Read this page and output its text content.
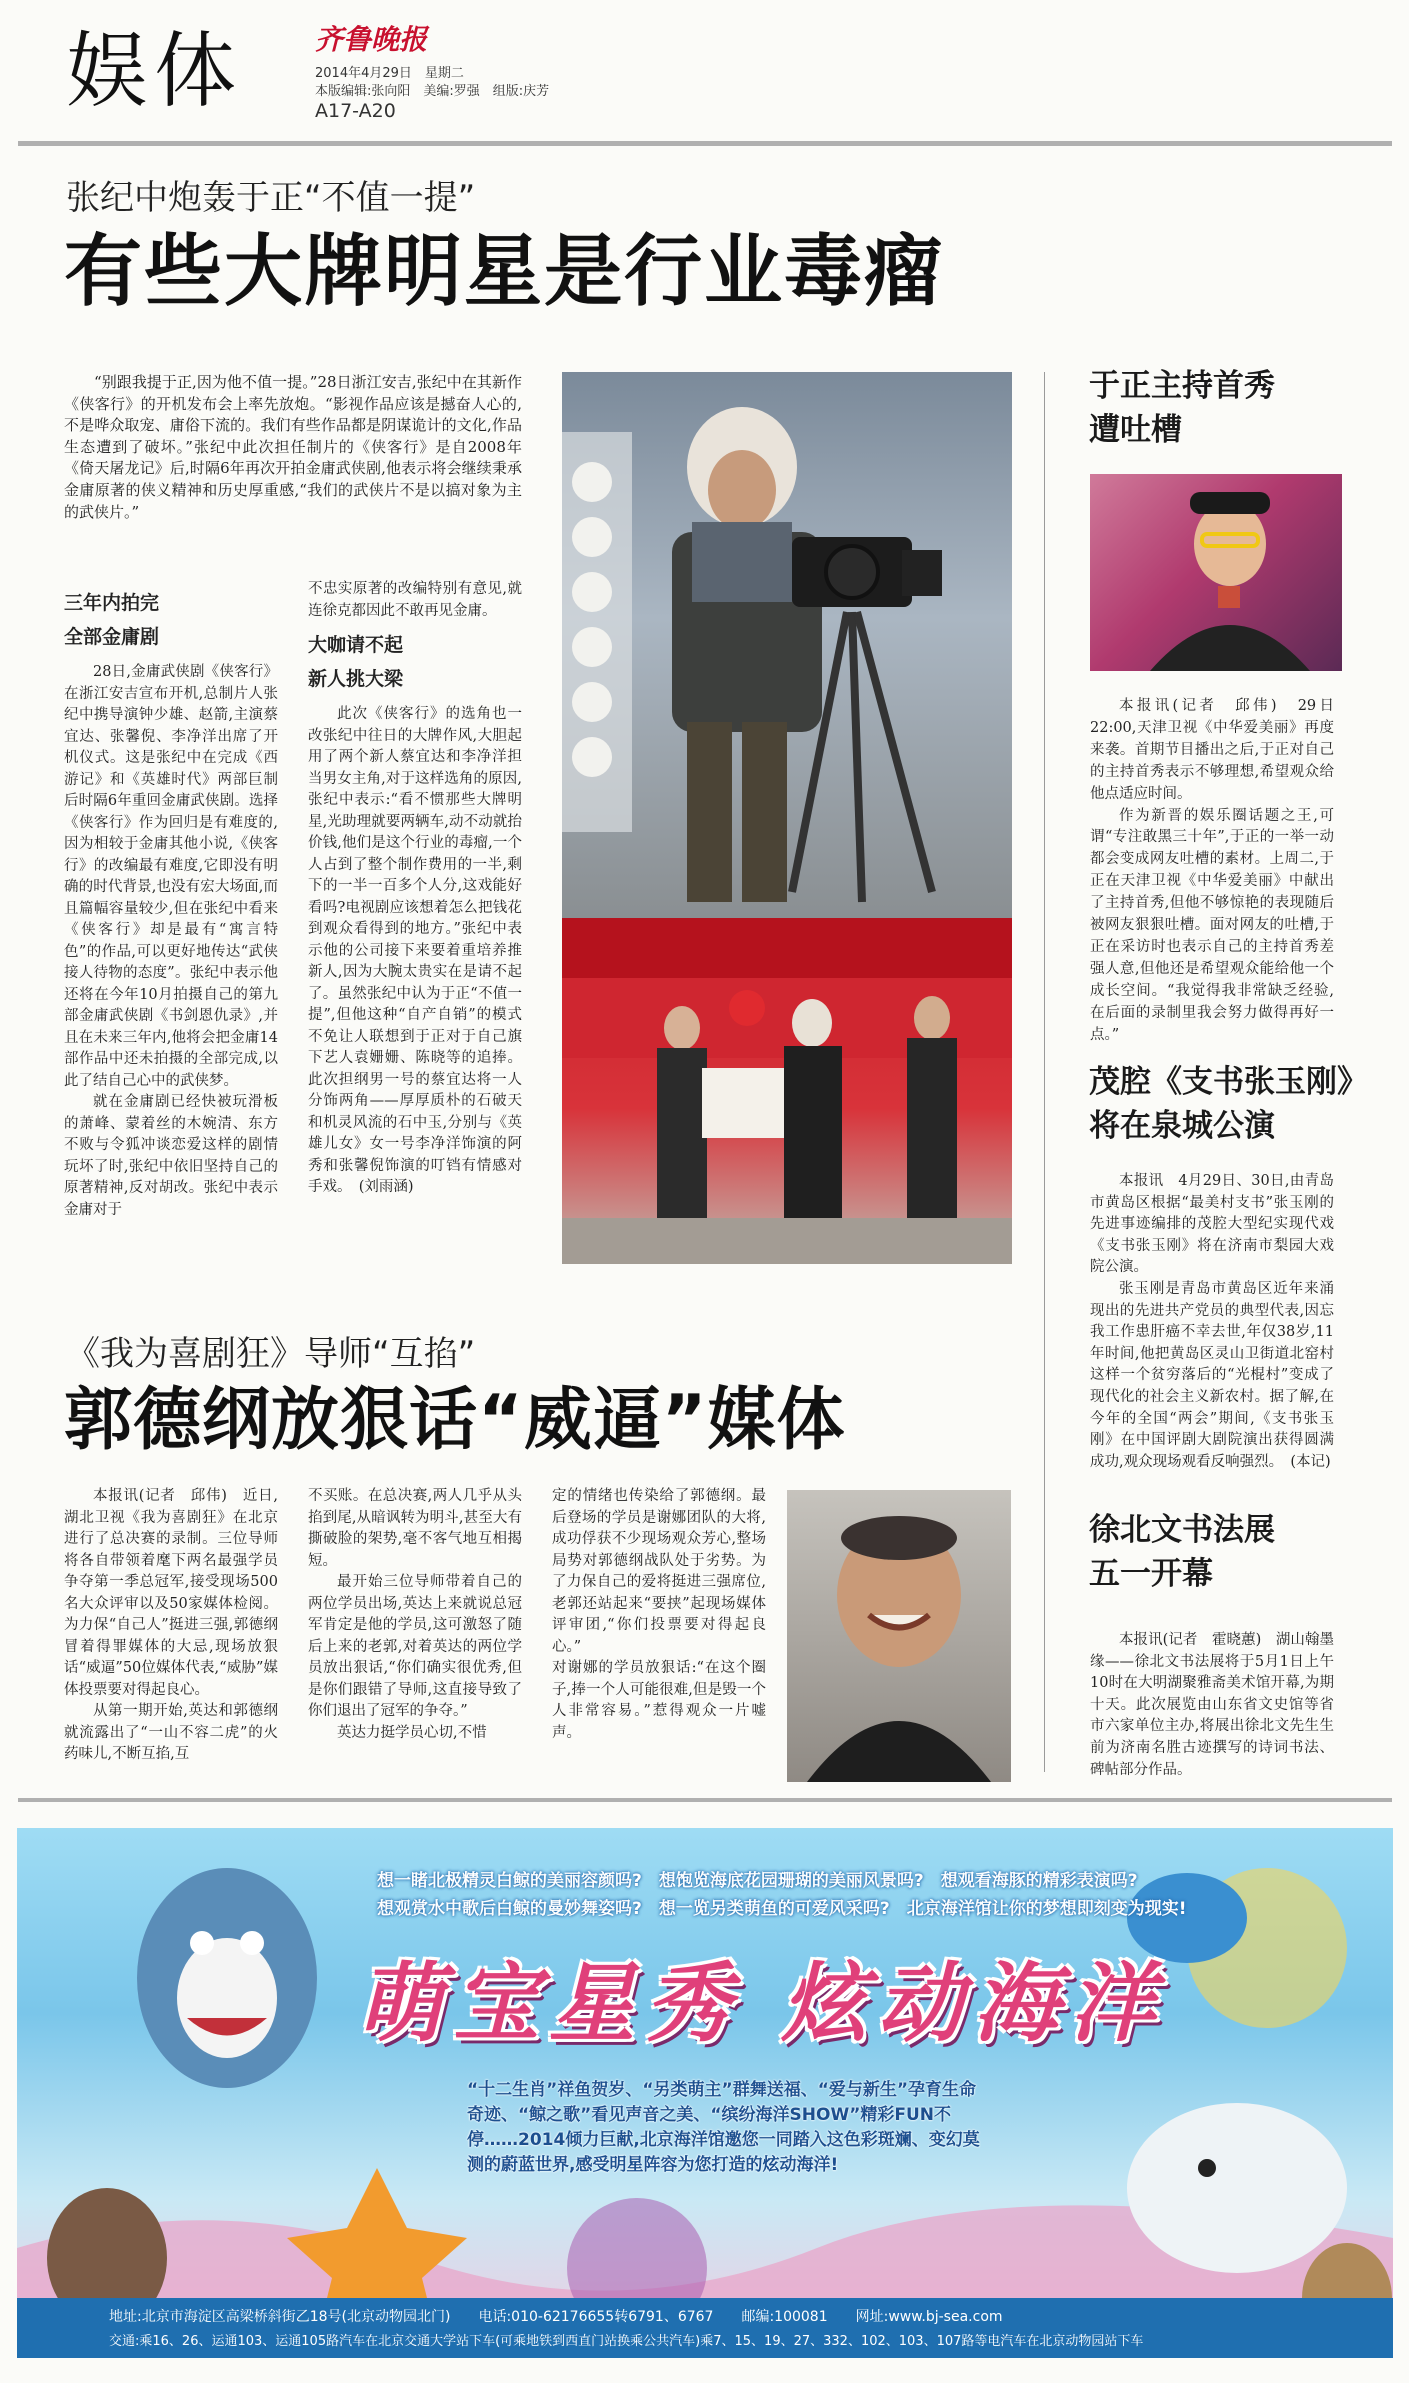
娱体	齐鲁晚报
2014年4月29日　星期二
本版编辑:张向阳　美编:罗强　组版:庆芳
A17-A20
张纪中炮轰于正“不值一提”
有些大牌明星是行业毒瘤

“别跟我提于正,因为他不值一提。”28日浙江安吉,张纪中在其新作《侠客行》的开机发布会上率先放炮。“影视作品应该是撼奋人心的,不是哗众取宠、庸俗下流的。我们有些作品都是阴谋诡计的文化,作品生态遭到了破坏。”张纪中此次担任制片的《侠客行》是自2008年《倚天屠龙记》后,时隔6年再次开拍金庸武侠剧,他表示将会继续秉承金庸原著的侠义精神和历史厚重感,“我们的武侠片不是以搞对象为主的武侠片。”

三年内拍完
全部金庸剧

28日,金庸武侠剧《侠客行》在浙江安吉宣布开机,总制片人张纪中携导演钟少雄、赵箭,主演蔡宜达、张馨倪、李净洋出席了开机仪式。这是张纪中在完成《西游记》和《英雄时代》两部巨制后时隔6年重回金庸武侠剧。选择《侠客行》作为回归是有难度的,因为相较于金庸其他小说,《侠客行》的改编最有难度,它即没有明确的时代背景,也没有宏大场面,而且篇幅容量较少,但在张纪中看来《侠客行》却是最有“寓言特色”的作品,可以更好地传达“武侠接人待物的态度”。张纪中表示他还将在今年10月拍摄自己的第九部金庸武侠剧《书剑恩仇录》,并且在未来三年内,他将会把金庸14部作品中还未拍摄的全部完成,以此了结自己心中的武侠梦。

就在金庸剧已经快被玩滑板的萧峰、蒙着丝的木婉清、东方不败与令狐冲谈恋爱这样的剧情玩坏了时,张纪中依旧坚持自己的原著精神,反对胡改。张纪中表示金庸对于

不忠实原著的改编特别有意见,就连徐克都因此不敢再见金庸。

大咖请不起
新人挑大梁

此次《侠客行》的选角也一改张纪中往日的大牌作风,大胆起用了两个新人蔡宜达和李净洋担当男女主角,对于这样选角的原因,张纪中表示:“看不惯那些大牌明星,光助理就要两辆车,动不动就抬价钱,他们是这个行业的毒瘤,一个人占到了整个制作费用的一半,剩下的一半一百多个人分,这戏能好看吗?电视剧应该想着怎么把钱花到观众看得到的地方。”张纪中表示他的公司接下来要着重培养推新人,因为大腕太贵实在是请不起了。虽然张纪中认为于正“不值一提”,但他这种“自产自销”的模式不免让人联想到于正对于自己旗下艺人袁姗姗、陈晓等的追捧。此次担纲男一号的蔡宜达将一人分饰两角——厚厚质朴的石破天和机灵风流的石中玉,分别与《英雄儿女》女一号李净洋饰演的阿秀和张馨倪饰演的叮铛有情感对手戏。　(刘雨涵)

于正主持首秀
遭吐槽

本报讯(记者　邱伟)　29日22:00,天津卫视《中华爱美丽》再度来袭。首期节目播出之后,于正对自己的主持首秀表示不够理想,希望观众给他点适应时间。

作为新晋的娱乐圈话题之王,可谓“专注敢黑三十年”,于正的一举一动都会变成网友吐槽的素材。上周二,于正在天津卫视《中华爱美丽》中献出了主持首秀,但他不够惊艳的表现随后被网友狠狠吐槽。面对网友的吐槽,于正在采访时也表示自己的主持首秀差强人意,但他还是希望观众能给他一个成长空间。“我觉得我非常缺乏经验,在后面的录制里我会努力做得再好一点。”

茂腔《支书张玉刚》
将在泉城公演

本报讯　4月29日、30日,由青岛市黄岛区根据“最美村支书”张玉刚的先进事迹编排的茂腔大型纪实现代戏《支书张玉刚》将在济南市梨园大戏院公演。

张玉刚是青岛市黄岛区近年来涌现出的先进共产党员的典型代表,因忘我工作患肝癌不幸去世,年仅38岁,11年时间,他把黄岛区灵山卫街道北窑村这样一个贫穷落后的“光棍村”变成了现代化的社会主义新农村。据了解,在今年的全国“两会”期间,《支书张玉刚》在中国评剧大剧院演出获得圆满成功,观众现场观看反响强烈。　(本记)

徐北文书法展
五一开幕

本报讯(记者　霍晓蕙)　湖山翰墨缘——徐北文书法展将于5月1日上午10时在大明湖聚雅斋美术馆开幕,为期十天。此次展览由山东省文史馆等省市六家单位主办,将展出徐北文先生生前为济南名胜古迹撰写的诗词书法、碑帖部分作品。

《我为喜剧狂》导师“互掐”
郭德纲放狠话“威逼”媒体

本报讯(记者　邱伟)　近日,湖北卫视《我为喜剧狂》在北京进行了总决赛的录制。三位导师将各自带领着麾下两名最强学员争夺第一季总冠军,接受现场500名大众评审以及50家媒体检阅。为力保“自己人”挺进三强,郭德纲冒着得罪媒体的大忌,现场放狠话“威逼”50位媒体代表,“威胁”媒体投票要对得起良心。

从第一期开始,英达和郭德纲就流露出了“一山不容二虎”的火药味儿,不断互掐,互

不买账。在总决赛,两人几乎从头掐到尾,从暗讽转为明斗,甚至大有撕破脸的架势,毫不客气地互相揭短。

最开始三位导师带着自己的两位学员出场,英达上来就说总冠军肯定是他的学员,这可激怒了随后上来的老郭,对着英达的两位学员放出狠话,“你们确实很优秀,但是你们跟错了导师,这直接导致了你们退出了冠军的争夺。”

英达力挺学员心切,不惜

定的情绪也传染给了郭德纲。最后登场的学员是谢娜团队的大将,成功俘获不少现场观众芳心,整场局势对郭德纲战队处于劣势。为了力保自己的爱将挺进三强席位,老郭还站起来“要挟”起现场媒体评审团,“你们投票要对得起良心。”

对谢娜的学员放狠话:“在这个圈子,捧一个人可能很难,但是毁一个人非常容易。”惹得观众一片嘘声。

想一睹北极精灵白鲸的美丽容颜吗?　想饱览海底花园珊瑚的美丽风景吗?　想观看海豚的精彩表演吗?
想观赏水中歌后白鲸的曼妙舞姿吗?　想一览另类萌鱼的可爱风采吗?　北京海洋馆让你的梦想即刻变为现实!
萌宝星秀 炫动海洋
“十二生肖”祥鱼贺岁、“另类萌主”群舞送福、“爱与新生”孕育生命奇迹、“鲸之歌”看见声音之美、“缤纷海洋SHOW”精彩FUN不停……2014倾力巨献,北京海洋馆邀您一同踏入这色彩斑斓、变幻莫测的蔚蓝世界,感受明星阵容为您打造的炫动海洋!
地址:北京市海淀区高梁桥斜街乙18号(北京动物园北门)　　电话:010-62176655转6791、6767　　邮编:100081　　网址:www.bj-sea.com
交通:乘16、26、运通103、运通105路汽车在北京交通大学站下车(可乘地铁到西直门站换乘公共汽车)乘7、15、19、27、332、102、103、107路等电汽车在北京动物园站下车
